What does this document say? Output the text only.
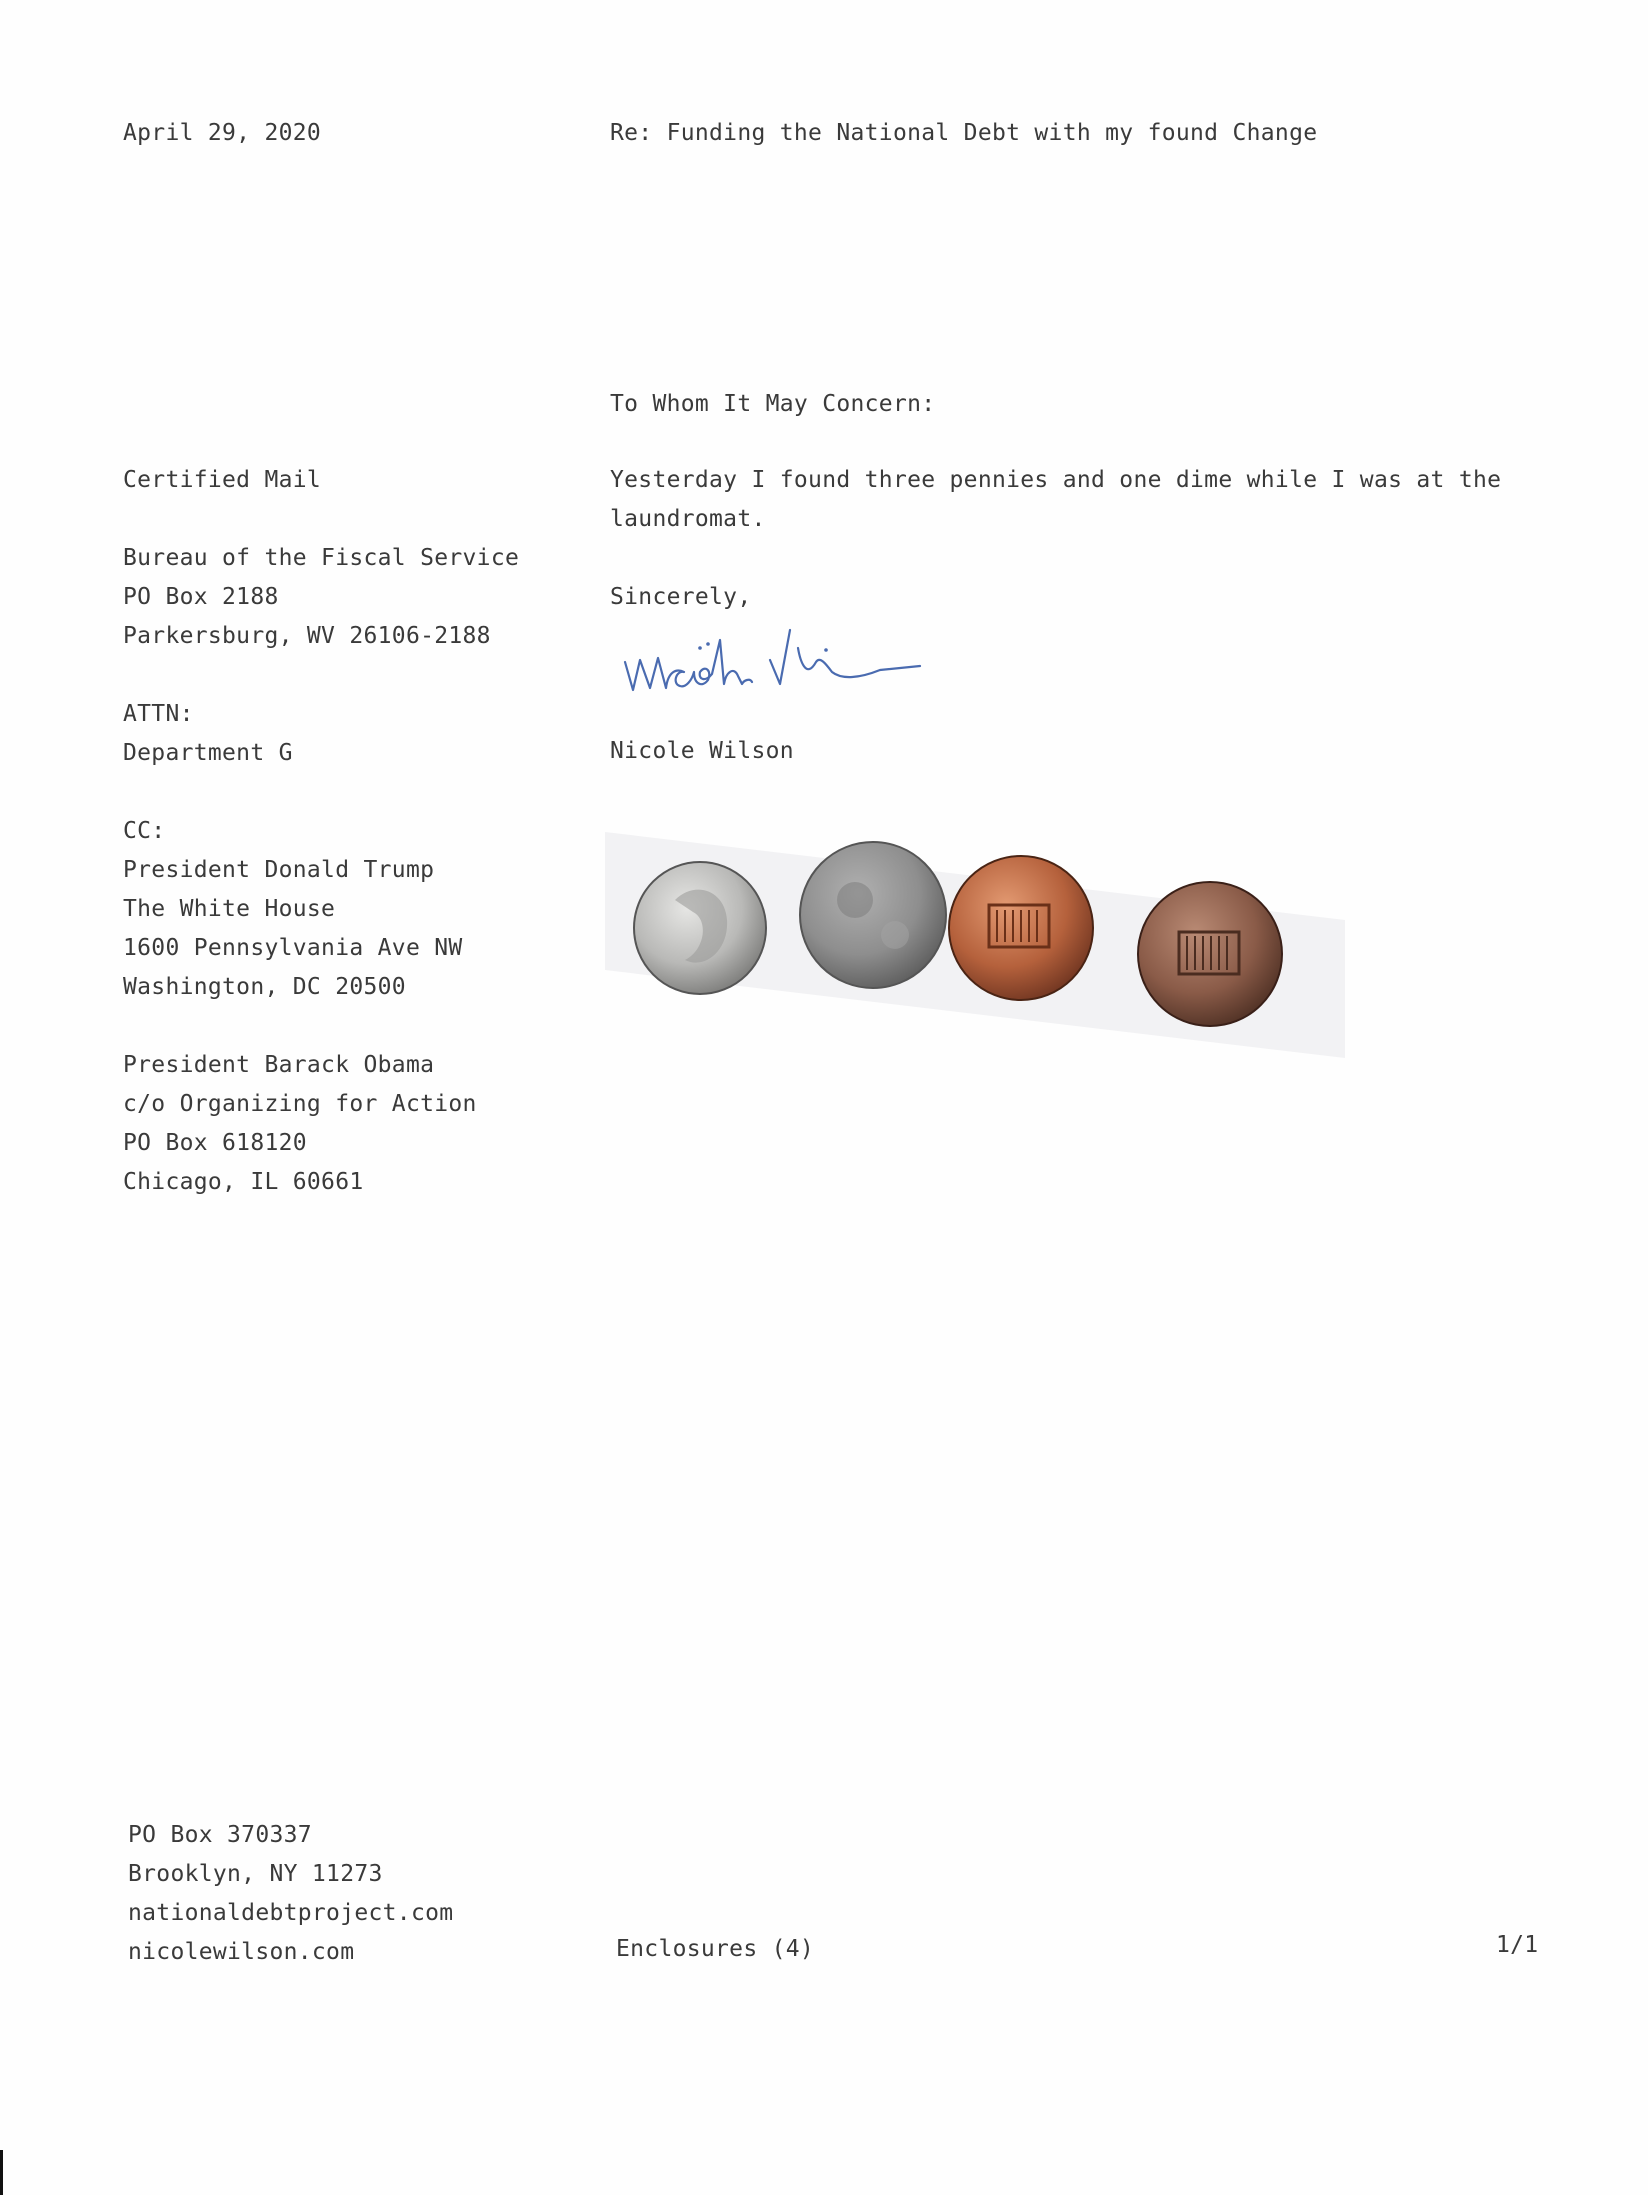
April 29, 2020	Re: Funding the National Debt with my found Change
To Whom It May Concern:
Certified Mail
Bureau of the Fiscal Service
PO Box 2188
Parkersburg, WV 26106-2188
ATTN:
Department G
CC:
President Donald Trump
The White House
1600 Pennsylvania Ave NW
Washington, DC 20500
President Barack Obama
c/o Organizing for Action
PO Box 618120
Chicago, IL 60661
Yesterday I found three pennies and one dime while I was at the
laundromat.
Sincerely,
Nicole Wilson
PO Box 370337
Brooklyn, NY 11273
nationaldebtproject.com
nicolewilson.com	Enclosures (4)	1/1
